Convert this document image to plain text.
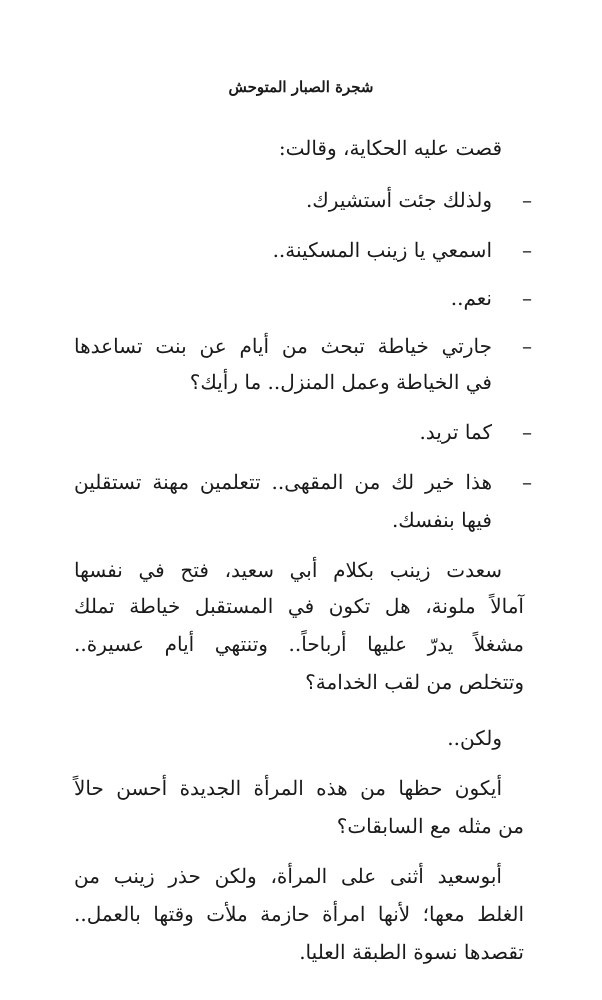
شجرة الصبار المتوحش
قصت عليه الحكاية، وقالت:
–
ولذلك جئت أستشيرك.
–
اسمعي يا زينب المسكينة..
–
نعم..
–
جارتي خياطة تبحث من أيام عن بنت تساعدها
في الخياطة وعمل المنزل.. ما رأيك؟
–
كما تريد.
–
هذا خير لك من المقهى.. تتعلمين مهنة تستقلين
فيها بنفسك.
سعدت زينب بكلام أبي سعيد، فتح في نفسها
آمالاً ملونة، هل تكون في المستقبل خياطة تملك
مشغلاً يدرّ عليها أرباحاً.. وتنتهي أيام عسيرة..
وتتخلص من لقب الخدامة؟
ولكن..
أيكون حظها من هذه المرأة الجديدة أحسن حالاً
من مثله مع السابقات؟
أبوسعيد أثنى على المرأة، ولكن حذر زينب من
الغلط معها؛ لأنها امرأة حازمة ملأت وقتها بالعمل..
تقصدها نسوة الطبقة العليا.
